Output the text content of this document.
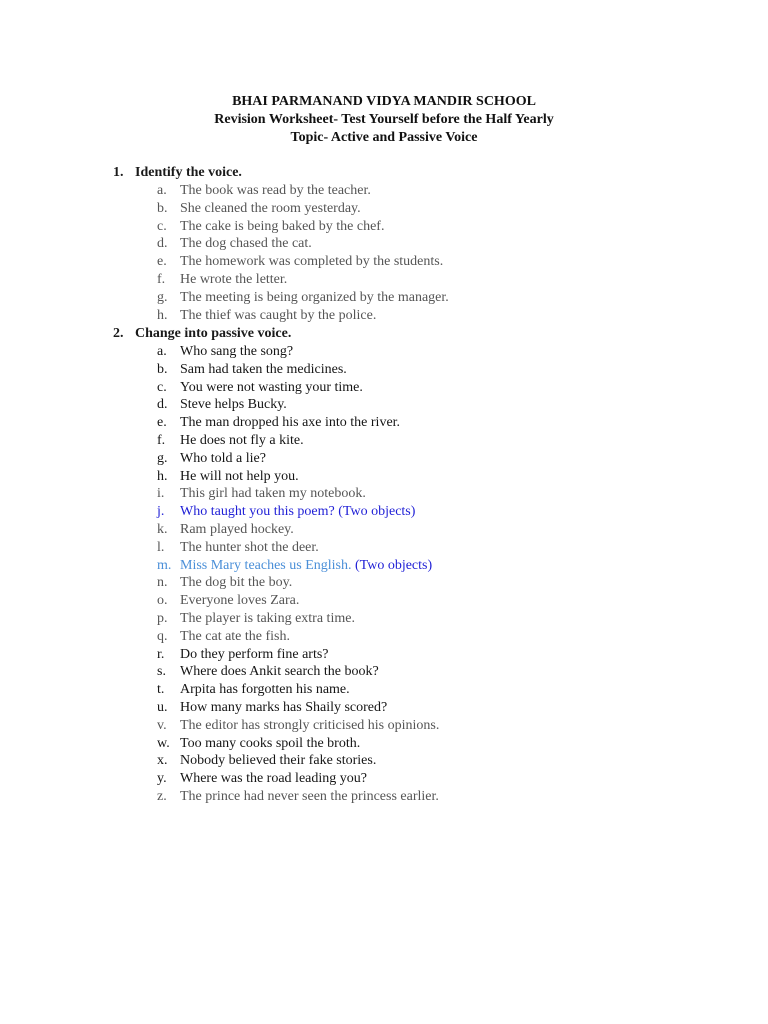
BHAI PARMANAND VIDYA MANDIR SCHOOL
Revision Worksheet- Test Yourself before the Half Yearly
Topic- Active and Passive Voice
1. Identify the voice.
a. The book was read by the teacher.
b. She cleaned the room yesterday.
c. The cake is being baked by the chef.
d. The dog chased the cat.
e. The homework was completed by the students.
f.	He wrote the letter.
g. The meeting is being organized by the manager.
h. The thief was caught by the police.
2. Change into passive voice.
a. Who sang the song?
b. Sam had taken the medicines.
c. You were not wasting your time.
d. Steve helps Bucky.
e. The man dropped his axe into the river.
f.	He does not fly a kite.
g. Who told a lie?
h. He will not help you.
i.	This girl had taken my notebook.
j.	Who taught you this poem? (Two objects)
k. Ram played hockey.
l.	The hunter shot the deer.
m. Miss Mary teaches us English. (Two objects)
n. The dog bit the boy.
o. Everyone loves Zara.
p. The player is taking extra time.
q. The cat ate the fish.
r.	Do they perform fine arts?
s.	Where does Ankit search the book?
t.	Arpita has forgotten his name.
u. How many marks has Shaily scored?
v. The editor has strongly criticised his opinions.
w. Too many cooks spoil the broth.
x. Nobody believed their fake stories.
y. Where was the road leading you?
z. The prince had never seen the princess earlier.
